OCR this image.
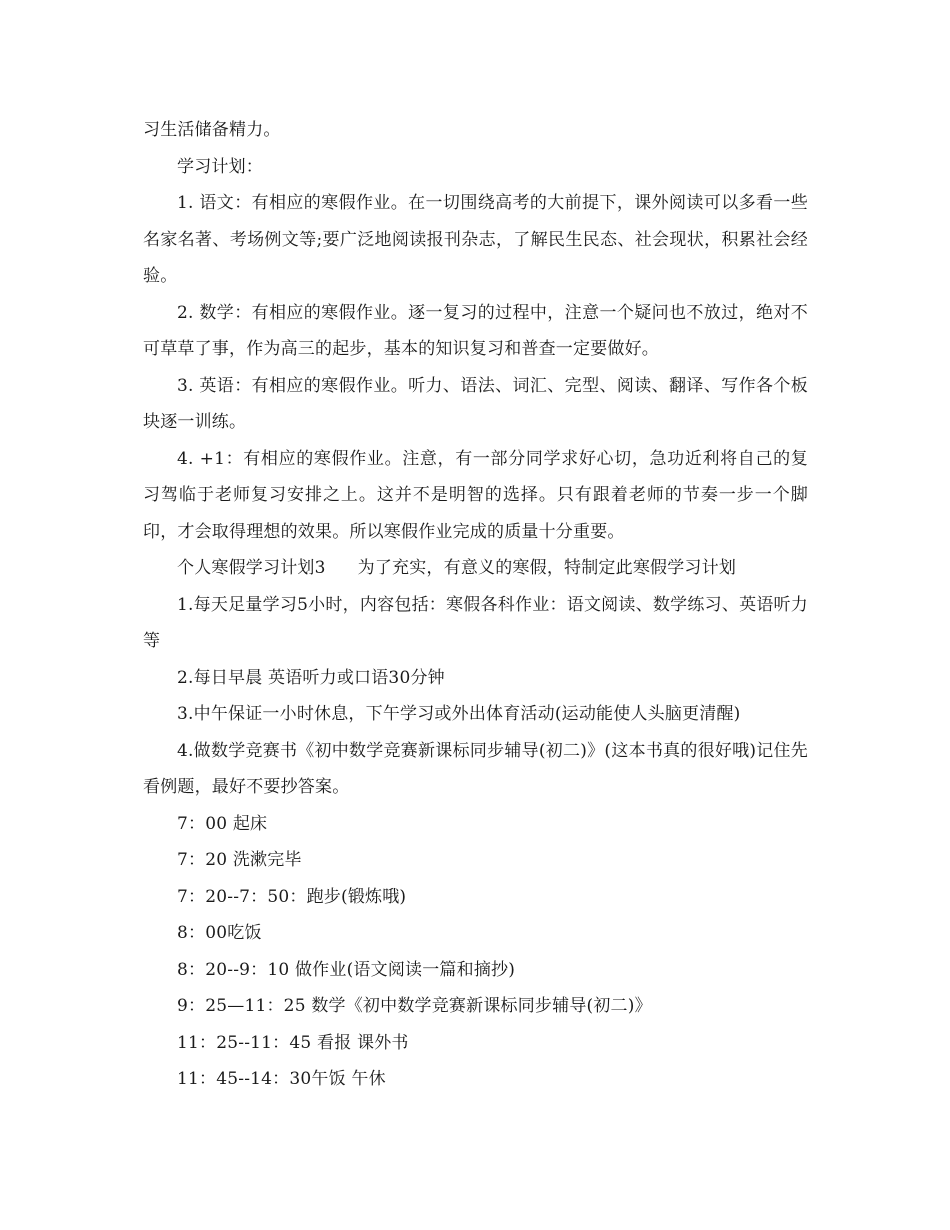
习生活储备精力。

学习计划：

1. 语文：有相应的寒假作业。在一切围绕高考的大前提下，课外阅读可以多看一些名家名著、考场例文等;要广泛地阅读报刊杂志，了解民生民态、社会现状，积累社会经验。

2. 数学：有相应的寒假作业。逐一复习的过程中，注意一个疑问也不放过，绝对不可草草了事，作为高三的起步，基本的知识复习和普查一定要做好。

3. 英语：有相应的寒假作业。听力、语法、词汇、完型、阅读、翻译、写作各个板块逐一训练。

4. +1：有相应的寒假作业。注意，有一部分同学求好心切，急功近利将自己的复习驾临于老师复习安排之上。这并不是明智的选择。只有跟着老师的节奏一步一个脚印，才会取得理想的效果。所以寒假作业完成的质量十分重要。

个人寒假学习计划3 为了充实，有意义的寒假，特制定此寒假学习计划

1.每天足量学习5小时，内容包括：寒假各科作业：语文阅读、数学练习、英语听力等

2.每日早晨 英语听力或口语30分钟

3.中午保证一小时休息，下午学习或外出体育活动(运动能使人头脑更清醒)

4.做数学竞赛书《初中数学竞赛新课标同步辅导(初二)》(这本书真的很好哦)记住先看例题，最好不要抄答案。

7：00 起床

7：20 洗漱完毕

7：20--7：50：跑步(锻炼哦)

8：00吃饭

8：20--9：10 做作业(语文阅读一篇和摘抄)

9：25—11：25 数学《初中数学竞赛新课标同步辅导(初二)》

11：25--11：45 看报 课外书

11：45--14：30午饭 午休
